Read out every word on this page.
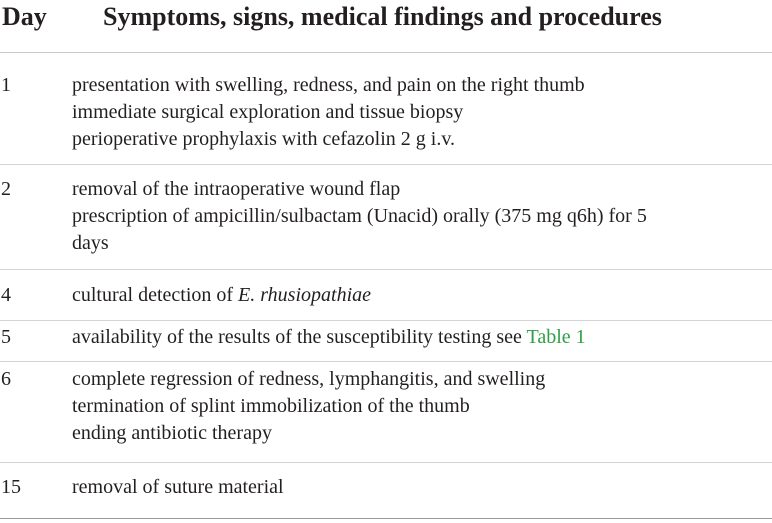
Day Symptoms, signs, medical findings and procedures
1	presentation with swelling, redness, and pain on the right thumb
immediate surgical exploration and tissue biopsy
perioperative prophylaxis with cefazolin 2 g i.v.
2	removal of the intraoperative wound flap
prescription of ampicillin/sulbactam (Unacid) orally (375 mg q6h) for 5
days
4	cultural detection of E. rhusiopathiae
5	availability of the results of the susceptibility testing see Table 1
6	complete regression of redness, lymphangitis, and swelling
termination of splint immobilization of the thumb
ending antibiotic therapy
15	removal of suture material
